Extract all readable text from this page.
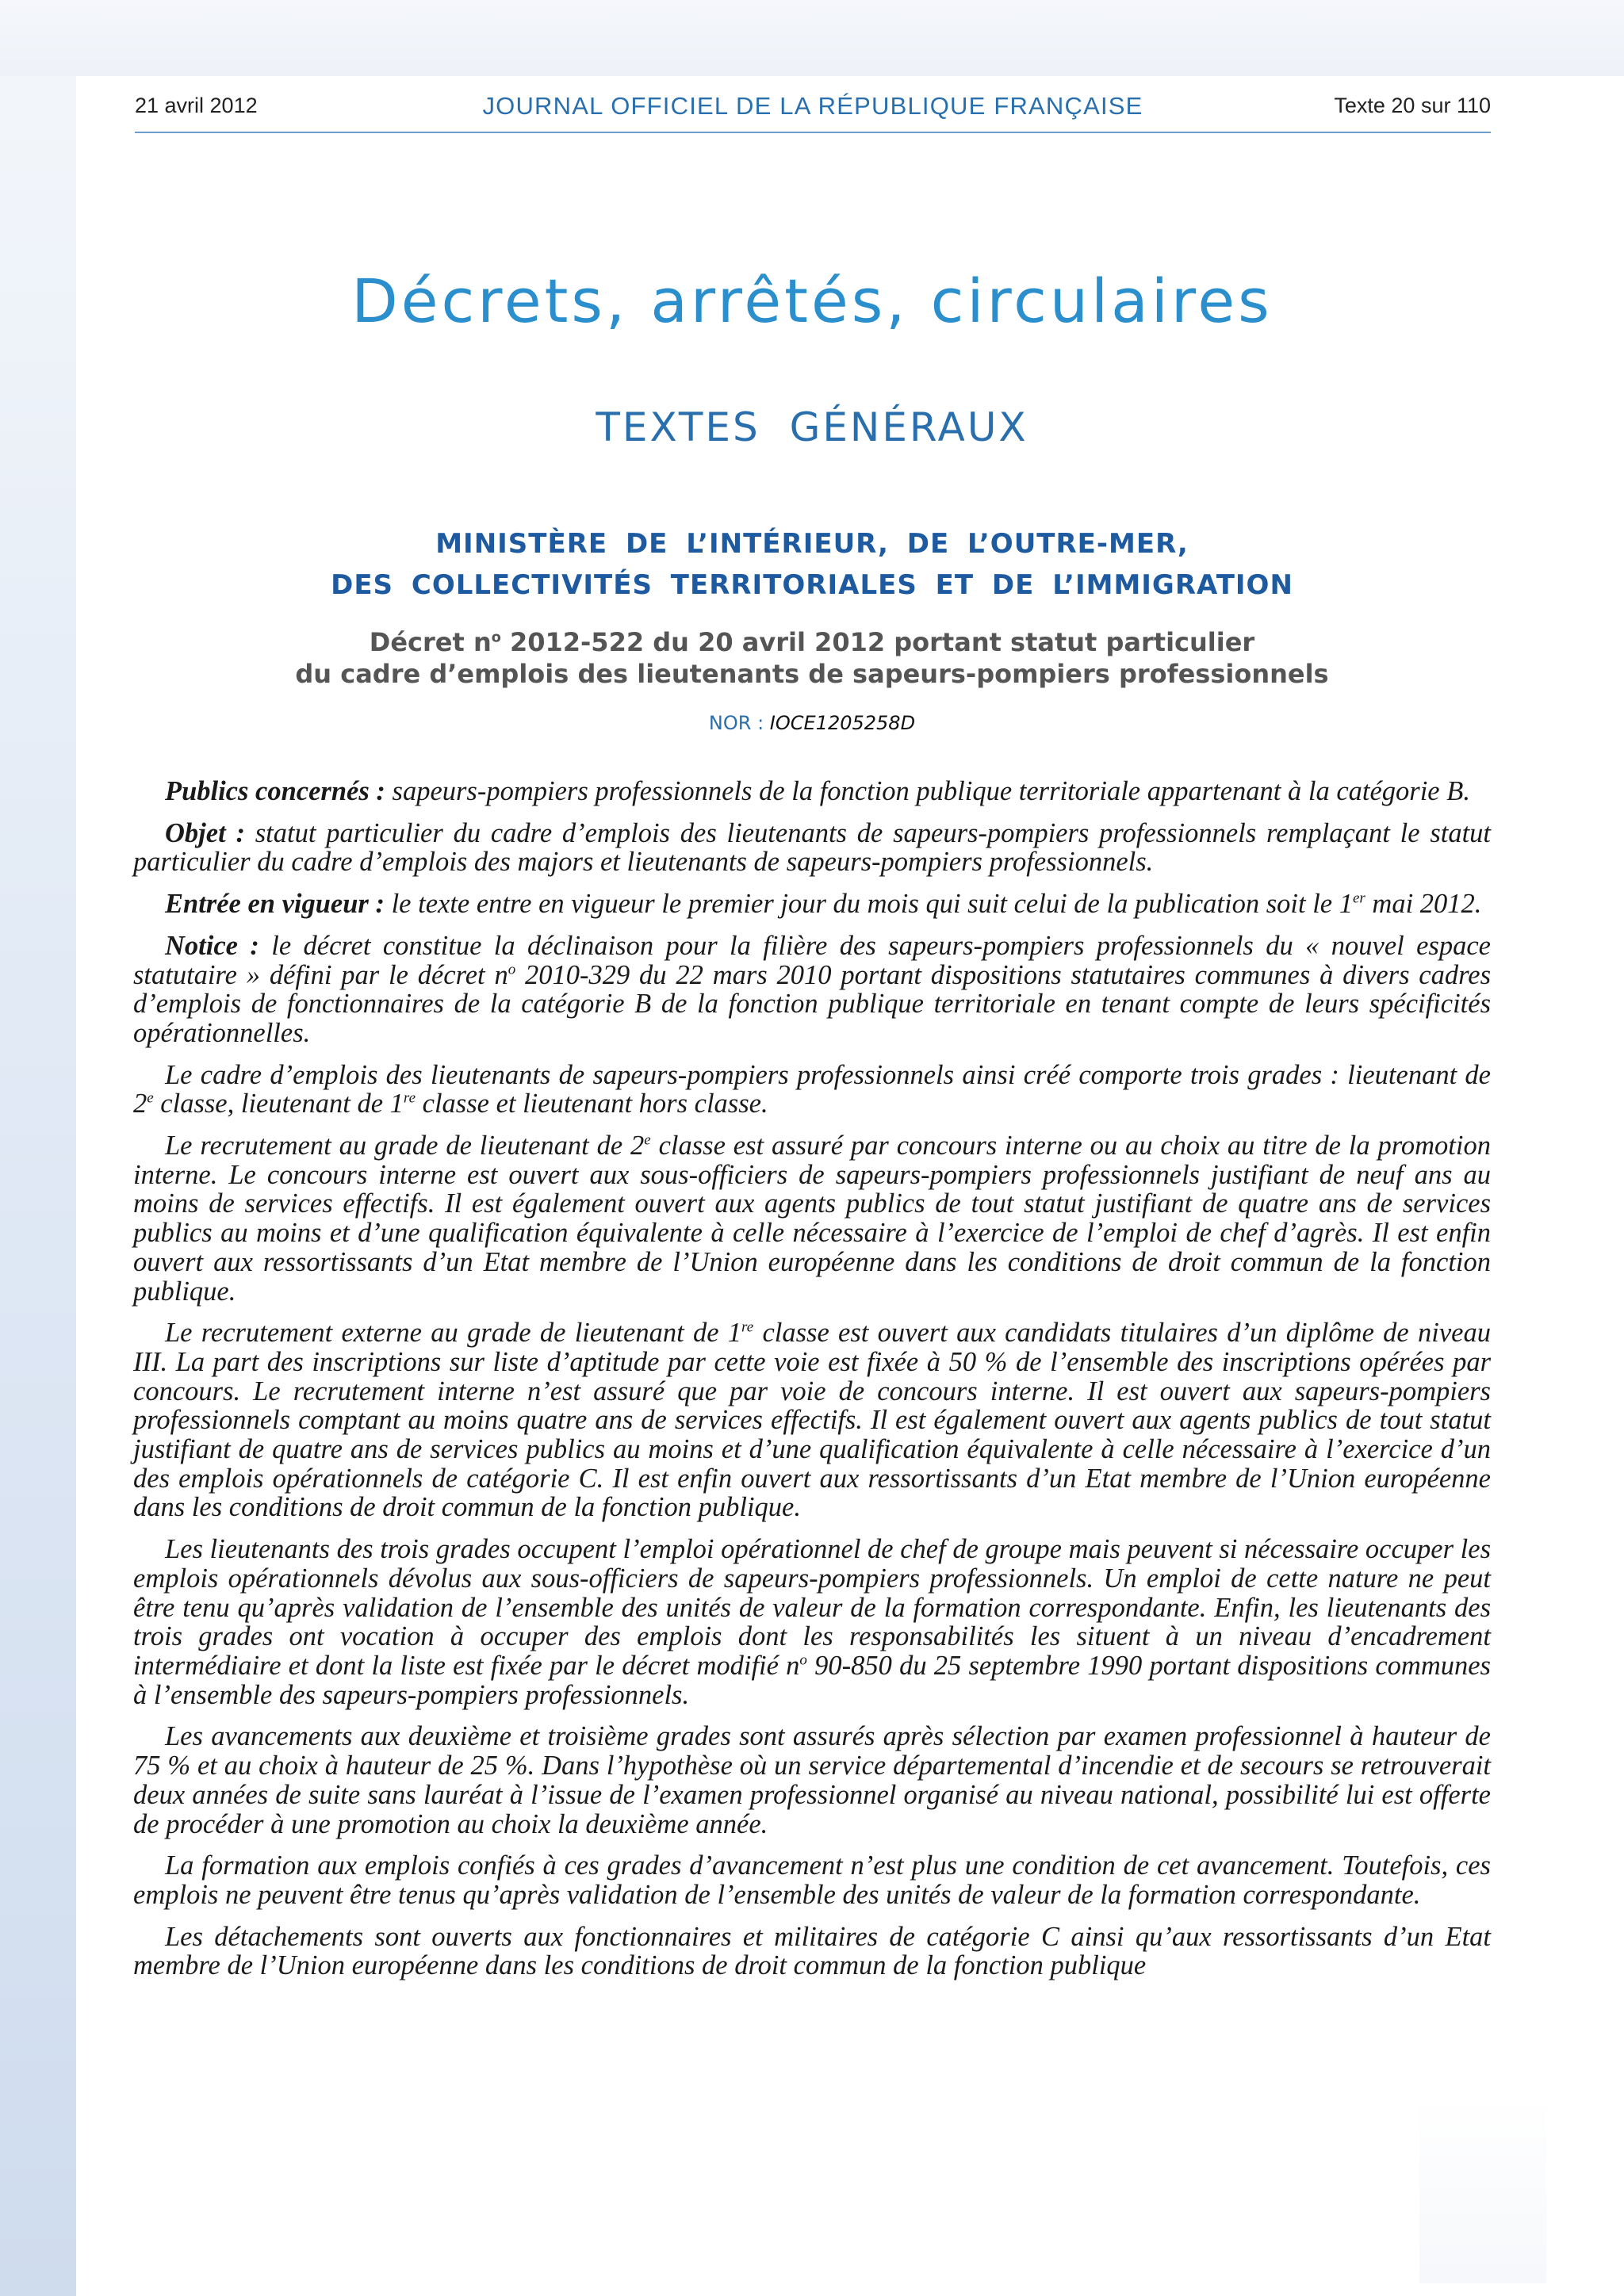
21 avril 2012	JOURNAL OFFICIEL DE LA RÉPUBLIQUE FRANÇAISE	Texte 20 sur 110
Décrets, arrêtés, circulaires
TEXTES GÉNÉRAUX
MINISTÈRE DE L’INTÉRIEUR, DE L’OUTRE-MER,
DES COLLECTIVITÉS TERRITORIALES ET DE L’IMMIGRATION
Décret $n^o$ 2012-522 du 20 avril 2012 portant statut particulier
du cadre d’emplois des lieutenants de sapeurs-pompiers professionnels
NOR : IOCE1205258D

Publics concernés : sapeurs-pompiers professionnels de la fonction publique territoriale appartenant à la catégorie B.

Objet : statut particulier du cadre d’emplois des lieutenants de sapeurs-pompiers professionnels remplaçant le statut particulier du cadre d’emplois des majors et lieutenants de sapeurs-pompiers professionnels.

Entrée en vigueur : le texte entre en vigueur le premier jour du mois qui suit celui de la publication soit le 1er mai 2012.

Notice : le décret constitue la déclinaison pour la filière des sapeurs-pompiers professionnels du « nouvel espace statutaire » défini par le décret $n^o$ 2010-329 du 22 mars 2010 portant dispositions statutaires communes à divers cadres d’emplois de fonctionnaires de la catégorie B de la fonction publique territoriale en tenant compte de leurs spécificités opérationnelles.

Le cadre d’emplois des lieutenants de sapeurs-pompiers professionnels ainsi créé comporte trois grades : lieutenant de 2e classe, lieutenant de 1re classe et lieutenant hors classe.

Le recrutement au grade de lieutenant de 2e classe est assuré par concours interne ou au choix au titre de la promotion interne. Le concours interne est ouvert aux sous-officiers de sapeurs-pompiers professionnels justifiant de neuf ans au moins de services effectifs. Il est également ouvert aux agents publics de tout statut justifiant de quatre ans de services publics au moins et d’une qualification équivalente à celle nécessaire à l’exercice de l’emploi de chef d’agrès. Il est enfin ouvert aux ressortissants d’un Etat membre de l’Union européenne dans les conditions de droit commun de la fonction publique.

Le recrutement externe au grade de lieutenant de 1re classe est ouvert aux candidats titulaires d’un diplôme de niveau III. La part des inscriptions sur liste d’aptitude par cette voie est fixée à 50 % de l’ensemble des inscriptions opérées par concours. Le recrutement interne n’est assuré que par voie de concours interne. Il est ouvert aux sapeurs-pompiers professionnels comptant au moins quatre ans de services effectifs. Il est également ouvert aux agents publics de tout statut justifiant de quatre ans de services publics au moins et d’une qualification équivalente à celle nécessaire à l’exercice d’un des emplois opérationnels de catégorie C. Il est enfin ouvert aux ressortissants d’un Etat membre de l’Union européenne dans les conditions de droit commun de la fonction publique.

Les lieutenants des trois grades occupent l’emploi opérationnel de chef de groupe mais peuvent si nécessaire occuper les emplois opérationnels dévolus aux sous-officiers de sapeurs-pompiers professionnels. Un emploi de cette nature ne peut être tenu qu’après validation de l’ensemble des unités de valeur de la formation correspondante. Enfin, les lieutenants des trois grades ont vocation à occuper des emplois dont les responsabilités les situent à un niveau d’encadrement intermédiaire et dont la liste est fixée par le décret modifié $n^o$ 90-850 du 25 septembre 1990 portant dispositions communes à l’ensemble des sapeurs-pompiers professionnels.

Les avancements aux deuxième et troisième grades sont assurés après sélection par examen professionnel à hauteur de 75 % et au choix à hauteur de 25 %. Dans l’hypothèse où un service départemental d’incendie et de secours se retrouverait deux années de suite sans lauréat à l’issue de l’examen professionnel organisé au niveau national, possibilité lui est offerte de procéder à une promotion au choix la deuxième année.

La formation aux emplois confiés à ces grades d’avancement n’est plus une condition de cet avancement. Toutefois, ces emplois ne peuvent être tenus qu’après validation de l’ensemble des unités de valeur de la formation correspondante.

Les détachements sont ouverts aux fonctionnaires et militaires de catégorie C ainsi qu’aux ressortissants d’un Etat membre de l’Union européenne dans les conditions de droit commun de la fonction publique
